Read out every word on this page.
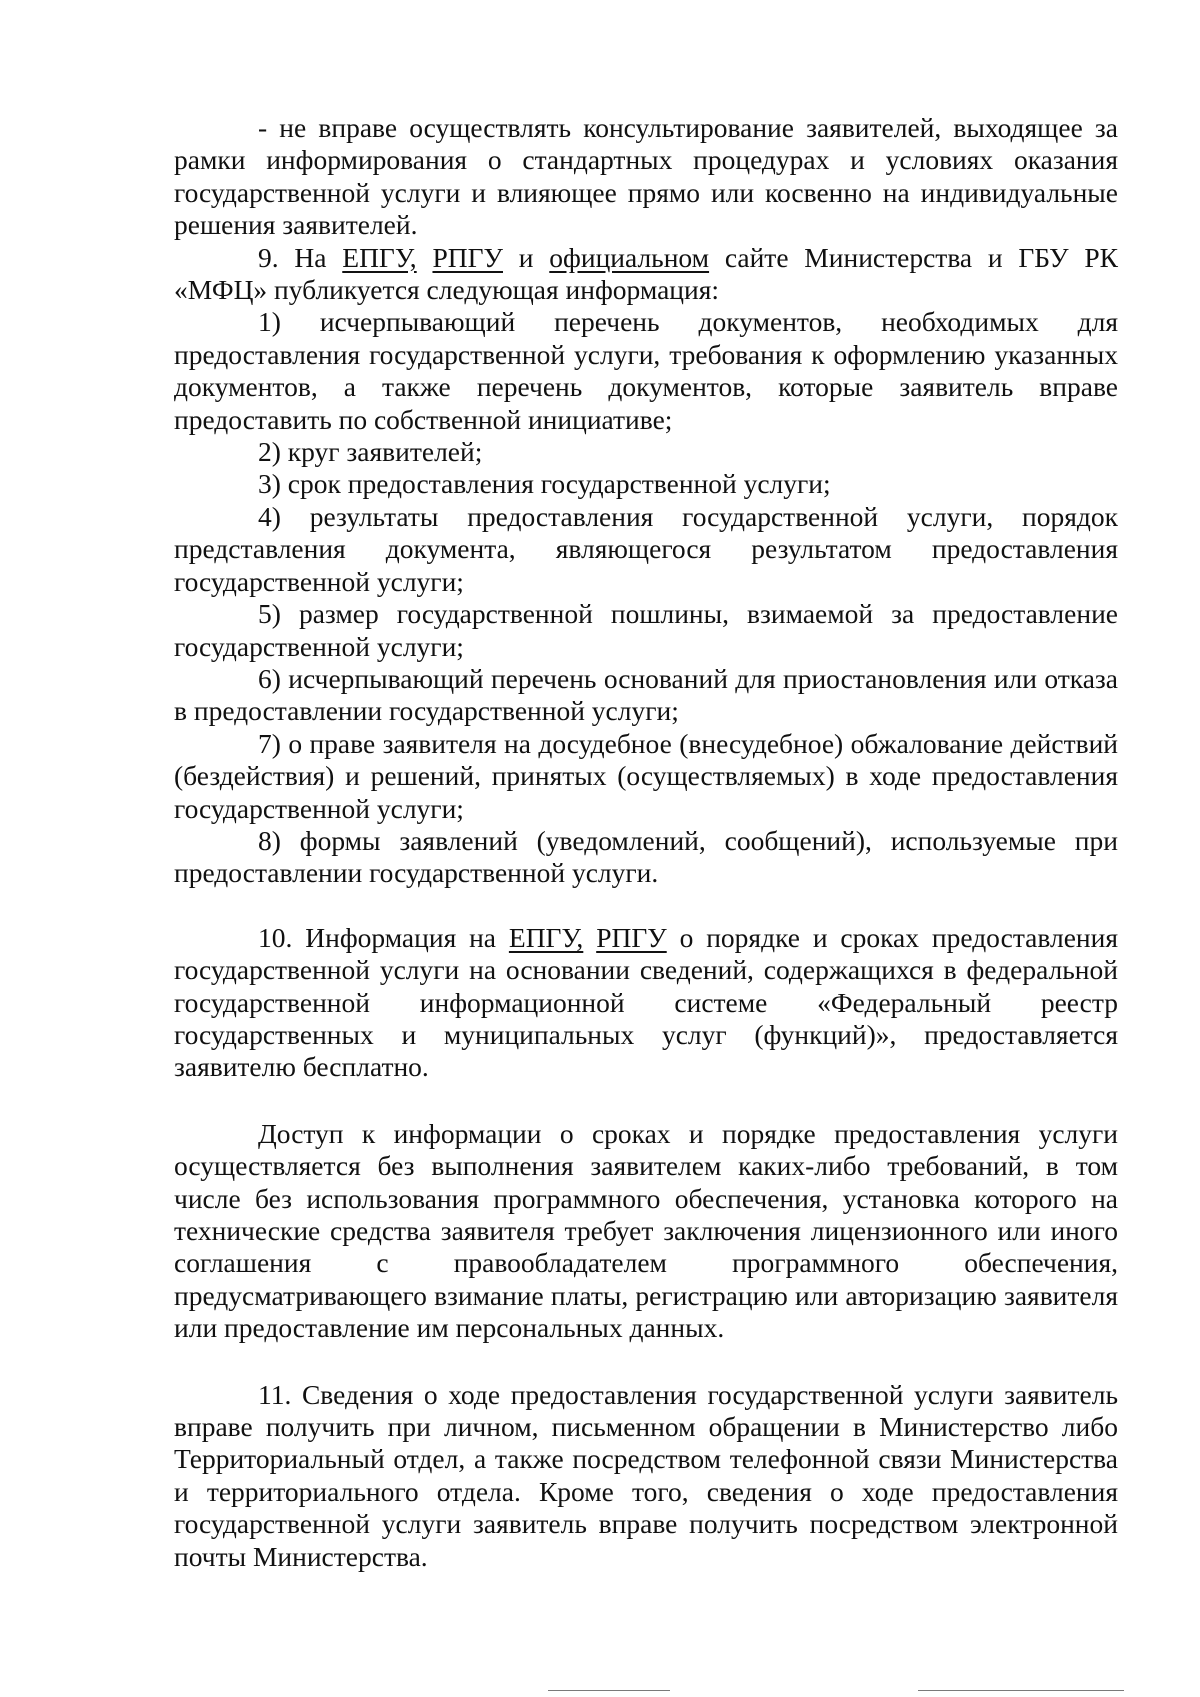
- не вправе осуществлять консультирование заявителей, выходящее за рамки информирования о стандартных процедурах и условиях оказания государственной услуги и влияющее прямо или косвенно на индивидуальные решения заявителей.

9. На ЕПГУ, РПГУ и официальном сайте Министерства и ГБУ РК «МФЦ» публикуется следующая информация:

1) исчерпывающий перечень документов, необходимых для предоставления государственной услуги, требования к оформлению указанных документов, а также перечень документов, которые заявитель вправе предоставить по собственной инициативе;

2) круг заявителей;

3) срок предоставления государственной услуги;

4) результаты предоставления государственной услуги, порядок представления документа, являющегося результатом предоставления государственной услуги;

5) размер государственной пошлины, взимаемой за предоставление государственной услуги;

6) исчерпывающий перечень оснований для приостановления или отказа в предоставлении государственной услуги;

7) о праве заявителя на досудебное (внесудебное) обжалование действий (бездействия) и решений, принятых (осуществляемых) в ходе предоставления государственной услуги;

8) формы заявлений (уведомлений, сообщений), используемые при предоставлении государственной услуги.

10. Информация на ЕПГУ, РПГУ о порядке и сроках предоставления государственной услуги на основании сведений, содержащихся в федеральной государственной информационной системе «Федеральный реестр государственных и муниципальных услуг (функций)», предоставляется заявителю бесплатно.

Доступ к информации о сроках и порядке предоставления услуги осуществляется без выполнения заявителем каких-либо требований, в том числе без использования программного обеспечения, установка которого на технические средства заявителя требует заключения лицензионного или иного соглашения с правообладателем программного обеспечения, предусматривающего взимание платы, регистрацию или авторизацию заявителя или предоставление им персональных данных.

11. Сведения о ходе предоставления государственной услуги заявитель вправе получить при личном, письменном обращении в Министерство либо Территориальный отдел, а также посредством телефонной связи Министерства и территориального отдела. Кроме того, сведения о ходе предоставления государственной услуги заявитель вправе получить посредством электронной почты Министерства.
